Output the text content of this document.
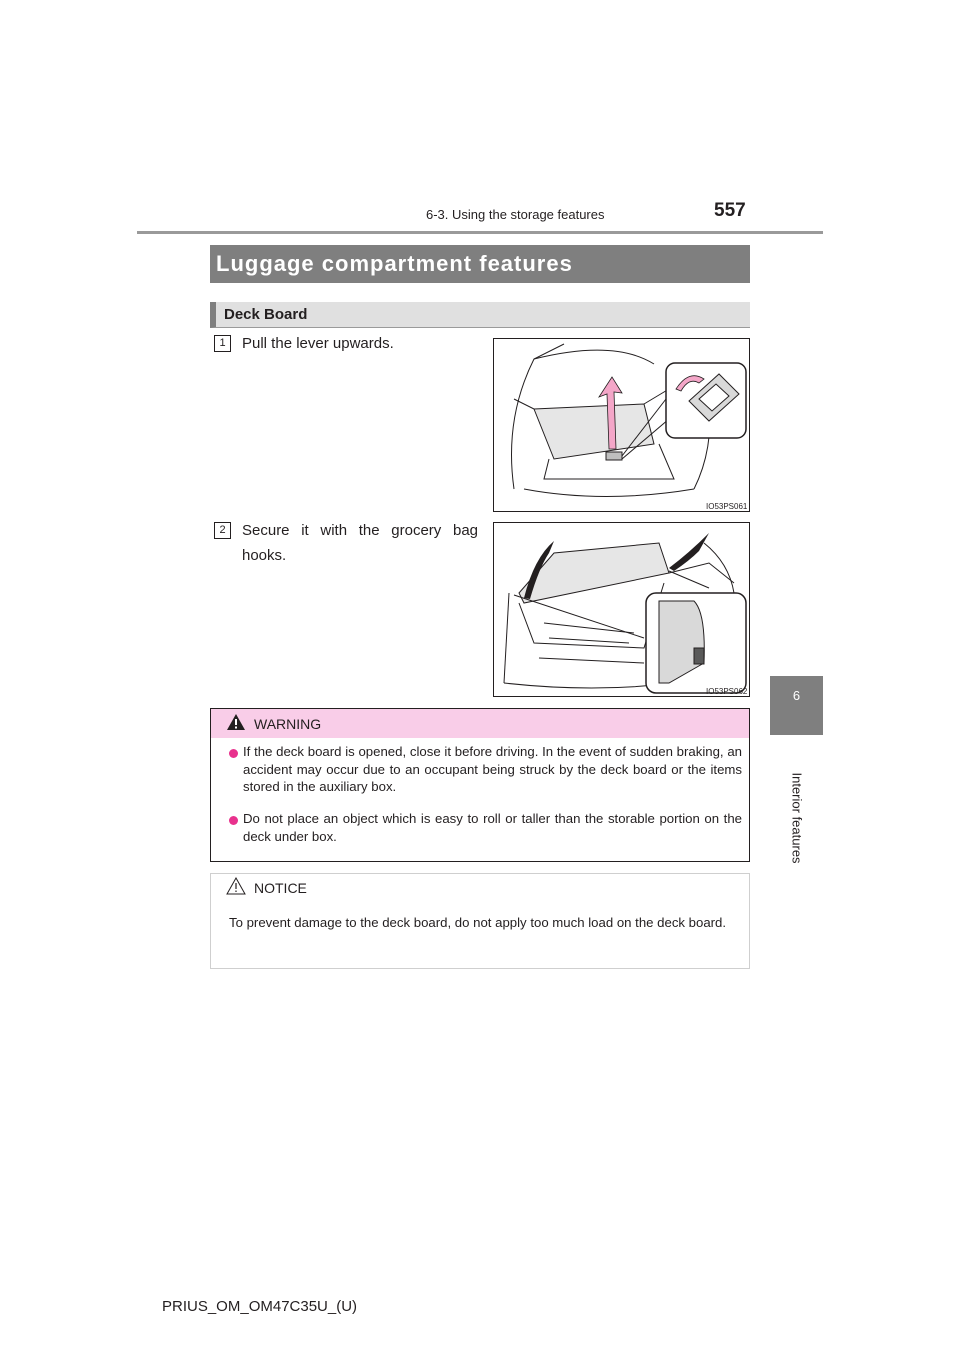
6-3. Using the storage features	557
6
Interior features
Luggage compartment features
Deck Board
1	Pull the lever upwards.
IO53PS061
2	Secure it with the grocery bag hooks.
IO53PS062
WARNING
If the deck board is opened, close it before driving. In the event of sudden braking, an accident may occur due to an occupant being struck by the deck board or the items stored in the auxiliary box.
Do not place an object which is easy to roll or taller than the storable portion on the deck under box.
NOTICE
To prevent damage to the deck board, do not apply too much load on the deck board.
PRIUS_OM_OM47C35U_(U)
